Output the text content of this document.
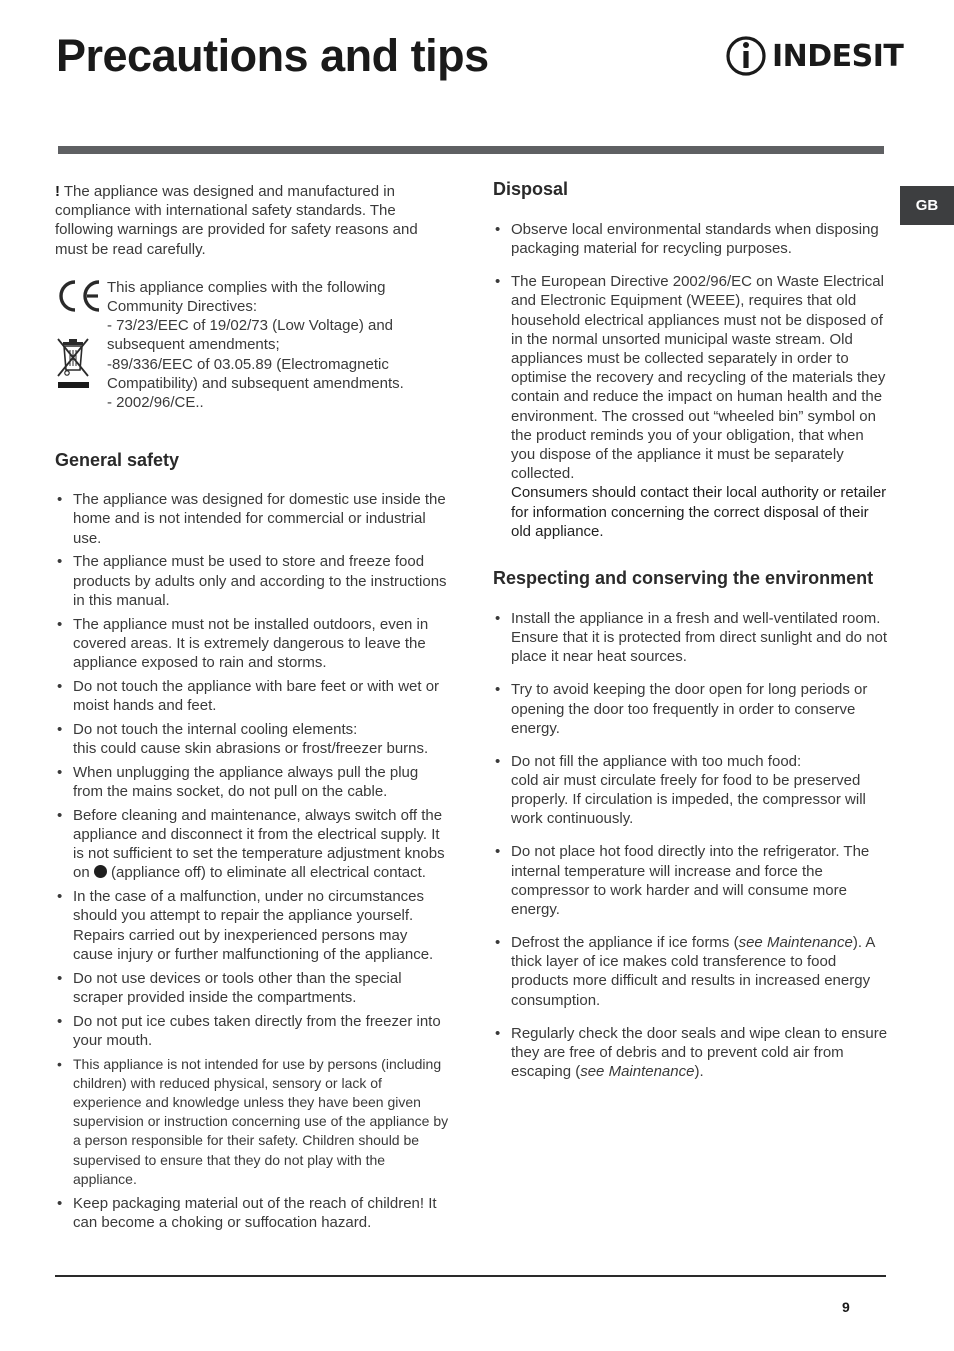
Precautions and tips	INDESIT
GB

! The appliance was designed and manufactured in compliance with international safety standards. The following warnings are provided for safety reasons and must be read carefully.

This appliance complies with the following Community Directives:

- 73/23/EEC of 19/02/73 (Low Voltage) and subsequent amendments;

-89/336/EEC of 03.05.89 (Electromagnetic Compatibility) and subsequent amendments.

- 2002/96/CE..

General safety
• The appliance was designed for domestic use inside the home and is not intended for commercial or industrial use.
• The appliance must be used to store and freeze food products by adults only and according to the instructions in this manual.
• The appliance must not be installed outdoors, even in covered areas. It is extremely dangerous to leave the appliance exposed to rain and storms.
• Do not touch the appliance with bare feet or with wet or moist hands and feet.
• Do not touch the internal cooling elements:
this could cause skin abrasions or frost/freezer burns.
• When unplugging the appliance always pull the plug from the mains socket, do not pull on the cable.
• Before cleaning and maintenance, always switch off the appliance and disconnect it from the electrical supply. It is not sufficient to set the temperature adjustment knobs on  (appliance off) to eliminate all electrical contact.
• In the case of a malfunction, under no circumstances should you attempt to repair the appliance yourself. Repairs carried out by inexperienced persons may cause injury or further malfunctioning of the appliance.
• Do not use devices or tools other than the special scraper provided inside the compartments.
• Do not put ice cubes taken directly from the freezer into your mouth.
• This appliance is not intended for use by persons (including children) with reduced physical, sensory or lack of experience and knowledge unless they have been given supervision or instruction concerning use of the appliance by a person responsible for their safety. Children should be supervised to ensure that they do not play with the appliance.
• Keep packaging material out of the reach of children! It can become a choking or suffocation hazard.
Disposal
• Observe local environmental standards when disposing packaging material for recycling purposes.
• The European Directive 2002/96/EC on Waste Electrical and Electronic Equipment (WEEE), requires that old household electrical appliances must not be disposed of in the normal unsorted municipal waste stream. Old appliances must be collected separately in order to optimise the recovery and recycling of the materials they contain and reduce the impact on human health and the environment. The crossed out “wheeled bin” symbol on the product reminds you of your obligation, that when you dispose of the appliance it must be separately collected.
Consumers should contact their local authority or retailer for information concerning the correct disposal of their old appliance.
Respecting and conserving the environment
• Install the appliance in a fresh and well-ventilated room. Ensure that it is protected from direct sunlight and do not place it near heat sources.
• Try to avoid keeping the door open for long periods or opening the door too frequently in order to conserve energy.
• Do not fill the appliance with too much food:
cold air must circulate freely for food to be preserved properly. If circulation is impeded, the compressor will work continuously.
• Do not place hot food directly into the refrigerator. The internal temperature will increase and force the compressor to work harder and will consume more energy.
• Defrost the appliance if ice forms (see Maintenance). A thick layer of ice makes cold transference to food products more difficult and results in increased energy consumption.
• Regularly check the door seals and wipe clean to ensure they are free of debris and to prevent cold air from escaping (see Maintenance).
9
